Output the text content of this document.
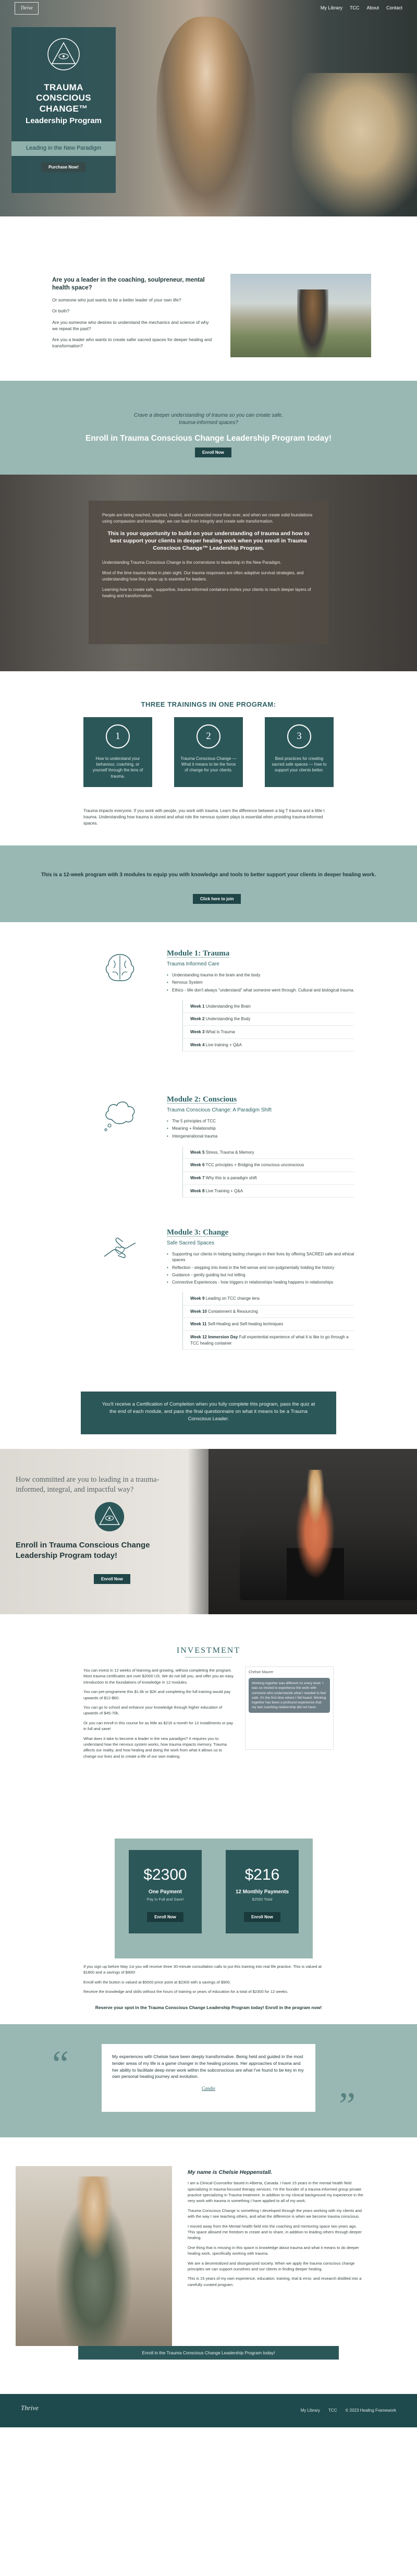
Thrive	My Library TCC About Contact
TRAUMA CONSCIOUS CHANGE™
Leadership Program
Leading in the New Paradigm
Purchase Now!
Are you a leader in the coaching, soulpreneur, mental health space?

Or someone who just wants to be a better leader of your own life?

Or both?

Are you someone who desires to understand the mechanics and science of why we repeat the past?

Are you a leader who wants to create safer sacred spaces for deeper healing and transformation?

Crave a deeper understanding of trauma so you can create safe, trauma-informed spaces?
Enroll in Trauma Conscious Change Leadership Program today!
Enroll Now

People are being reached, inspired, healed, and connected more than ever, and when we create solid foundations using compassion and knowledge, we can lead from integrity and create safe transformation.

This is your opportunity to build on your understanding of trauma and how to best support your clients in deeper healing work when you enroll in Trauma Conscious Change™ Leadership Program.

Understanding Trauma Conscious Change is the cornerstone to leadership in the New Paradigm.

Most of the time trauma hides in plain sight. Our trauma responses are often adaptive survival strategies, and understanding how they show up is essential for leaders.

Learning how to create safe, supportive, trauma-informed containers invites your clients to reach deeper layers of healing and transformation.

THREE TRAININGS IN ONE PROGRAM:
1
How to understand your behaviour, coaching, or yourself through the lens of trauma.
2
Trauma Conscious Change — What it means to be the force of change for your clients.
3
Best practices for creating sacred safe spaces — how to support your clients better.
Trauma impacts everyone. If you work with people, you work with trauma. Learn the difference between a big T trauma and a little t trauma. Understanding how trauma is stored and what role the nervous system plays is essential when providing trauma-informed spaces.
This is a 12-week program with 3 modules to equip you with knowledge and tools to better support your clients in deeper healing work.
Click here to join
Module 1: Trauma
Trauma Informed Care
• Understanding trauma in the brain and the body
• Nervous System
• Ethics - We don't always "understand" what someone went through. Cultural and biological trauma.
Week 1 Understanding the Brain
Week 2 Understanding the Body
Week 3 What is Trauma
Week 4 Live training + Q&A
Module 2: Conscious
Trauma Conscious Change: A Paradigm Shift
• The 5 principles of TCC
• Meaning + Relationship
• Intergenerational trauma
Week 5 Stress, Trauma & Memory
Week 6 TCC principles + Bridging the conscious unconscious
Week 7 Why this is a paradigm shift
Week 8 Live Training + Q&A
Module 3: Change
Safe Sacred Spaces
• Supporting our clients in helping lasting changes in their lives by offering SACRED safe and ethical spaces
• Reflection - stepping into lived in the felt-sense and non-judgmentally holding the history
• Guidance - gently guiding but not telling
• Connective Experiences - how triggers in relationships healing happens in relationships
Week 9 Leading on TCC change lens
Week 10 Containment & Resourcing
Week 11 Self-Healing and Self-healing techniques
Week 12 Immersion Day Full experiential experience of what it is like to go through a TCC healing container
You'll receive a Certification of Completion when you fully complete this program, pass the quiz at the end of each module, and pass the final questionnaire on what it means to be a Trauma Conscious Leader.
How committed are you to leading in a trauma-informed, integral, and impactful way?
Enroll in Trauma Conscious Change Leadership Program today!
Enroll Now
INVESTMENT

You can invest in 12 weeks of learning and growing, without completing the program. Most trauma certificates are over $2000 US. We do not bill you, and offer you an easy introduction to the foundations of knowledge in 12 modules.

You can pre-programme this $1.6k or $2K and completing the full training would pay upwards of $12-$60.

You can go to school and enhance your knowledge through higher education of upwards of $45-70k.

Or you can enroll in this course for as little as $216 a month for 12 installments or pay in full and save!

What does it take to become a leader in the new paradigm? It requires you to understand how the nervous system works, how trauma impacts memory. Trauma affects our reality, and how healing and doing the work from what it allows us to change our lives and to create a life of our own making.

Chelsie Maurer
Working together was different on every level. I was so moved to experience the work with someone who understands what I needed to feel safe. It's the first time where I felt heard. Working together has been a profound experience that my last coaching relationship did not have.
$2300
One Payment
Pay in Full and Save!
Enroll Now
$216
12 Monthly Payments
$2592 Total
Enroll Now

If you sign up before May 1st you will receive three 30-minute consultation calls to put this training into real life practice. This is valued at $1800 and a savings of $900!

Enroll with the button is valued at $5000 price point at $2300 with a savings of $900.

Receive the knowledge and skills without the hours of training or years of education for a total of $2300 for 12 weeks.

Reserve your spot in the Trauma Conscious Change Leadership Program today! Enroll in the program now!
“	My experiences with Chelsie have been deeply transformative. Being held and guided in the most tender areas of my life is a game changer in the healing process. Her approaches of trauma and her ability to facilitate deep inner work within the subconscious are what I've found to be key in my own personal healing journey and evolution.
Candie	”
My name is Chelsie Heppenstall.

I am a Clinical Counsellor based in Alberta, Canada. I have 15 years in the mental health field specializing in trauma-focused therapy services. I'm the founder of a trauma-informed group private practice specializing in Trauma treatment. In addition to my clinical background my experience in the very work with trauma is something I have applied to all of my work.

Trauma Conscious Change is something I developed through the years working with my clients and with the way I see teaching others, and what the difference is when we become trauma conscious.

I moved away from the Mental health field into the coaching and mentoring space two years ago. This space allowed me freedom to create and to share, in addition to leading others through deeper healing.

One thing that is missing in this space is knowledge about trauma and what it means to do deeper healing work, specifically working with trauma.

We are a decentralized and disorganized society. When we apply the trauma conscious change principles we can support ourselves and our clients in finding deeper healing.

This is 15 years of my own experience, education, training, trial & error, and research distilled into a carefully curated program.

Enroll in the Trauma Conscious Change Leadership Program today!
Thrive	My Library TCC © 2023 Healing Framework
